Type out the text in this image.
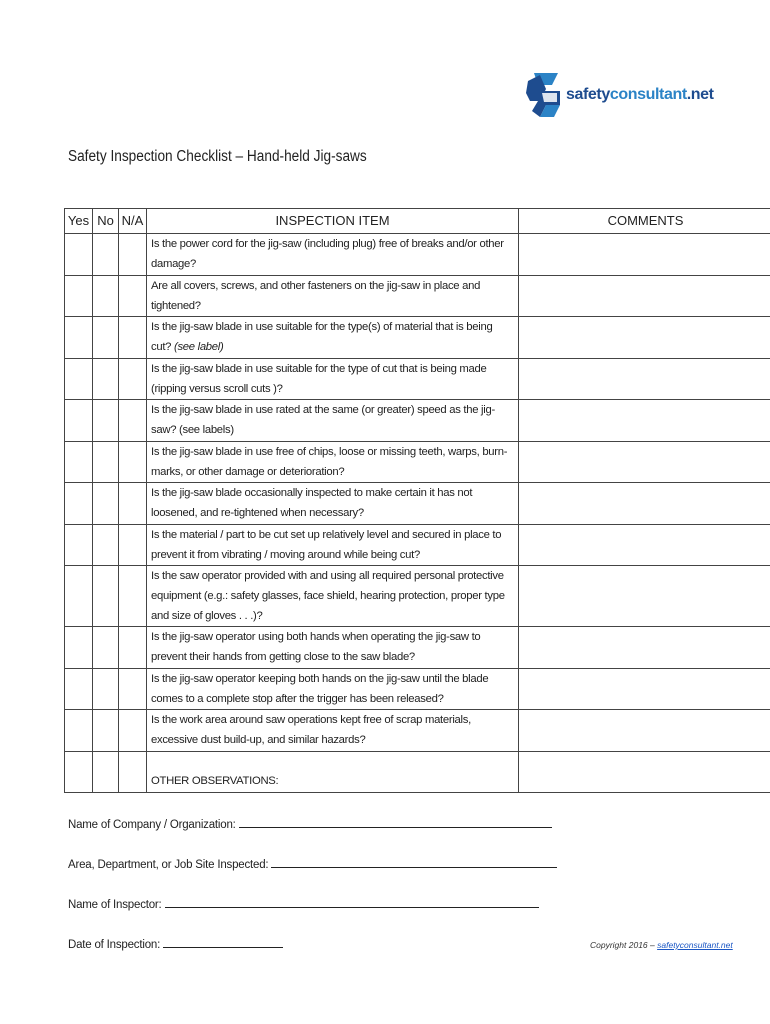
safetyconsultant.net
Safety Inspection Checklist – Hand-held Jig-saws
Yes	No	N/A	INSPECTION ITEM	COMMENTS
			Is the power cord for the jig-saw (including plug) free of breaks and/or other damage?	
			Are all covers, screws, and other fasteners on the jig-saw in place and tightened?	
			Is the jig-saw blade in use suitable for the type(s) of material that is being cut? (see label)	
			Is the jig-saw blade in use suitable for the type of cut that is being made (ripping versus scroll cuts )?	
			Is the jig-saw blade in use rated at the same (or greater) speed as the jig-saw? (see labels)	
			Is the jig-saw blade in use free of chips, loose or missing teeth, warps, burn-marks, or other damage or deterioration?	
			Is the jig-saw blade occasionally inspected to make certain it has not loosened, and re-tightened when necessary?	
			Is the material / part to be cut set up relatively level and secured in place to prevent it from vibrating / moving around while being cut?	
			Is the saw operator provided with and using all required personal protective equipment (e.g.: safety glasses, face shield, hearing protection, proper type and size of gloves . . .)?	
			Is the jig-saw operator using both hands when operating the jig-saw to prevent their hands from getting close to the saw blade?	
			Is the jig-saw operator keeping both hands on the jig-saw until the blade comes to a complete stop after the trigger has been released?	
			Is the work area around saw operations kept free of scrap materials, excessive dust build-up, and similar hazards?	
			OTHER OBSERVATIONS:	
Name of Company / Organization:
Area, Department, or Job Site Inspected:
Name of Inspector:
Date of Inspection:	Copyright 2016 – safetyconsultant.net
